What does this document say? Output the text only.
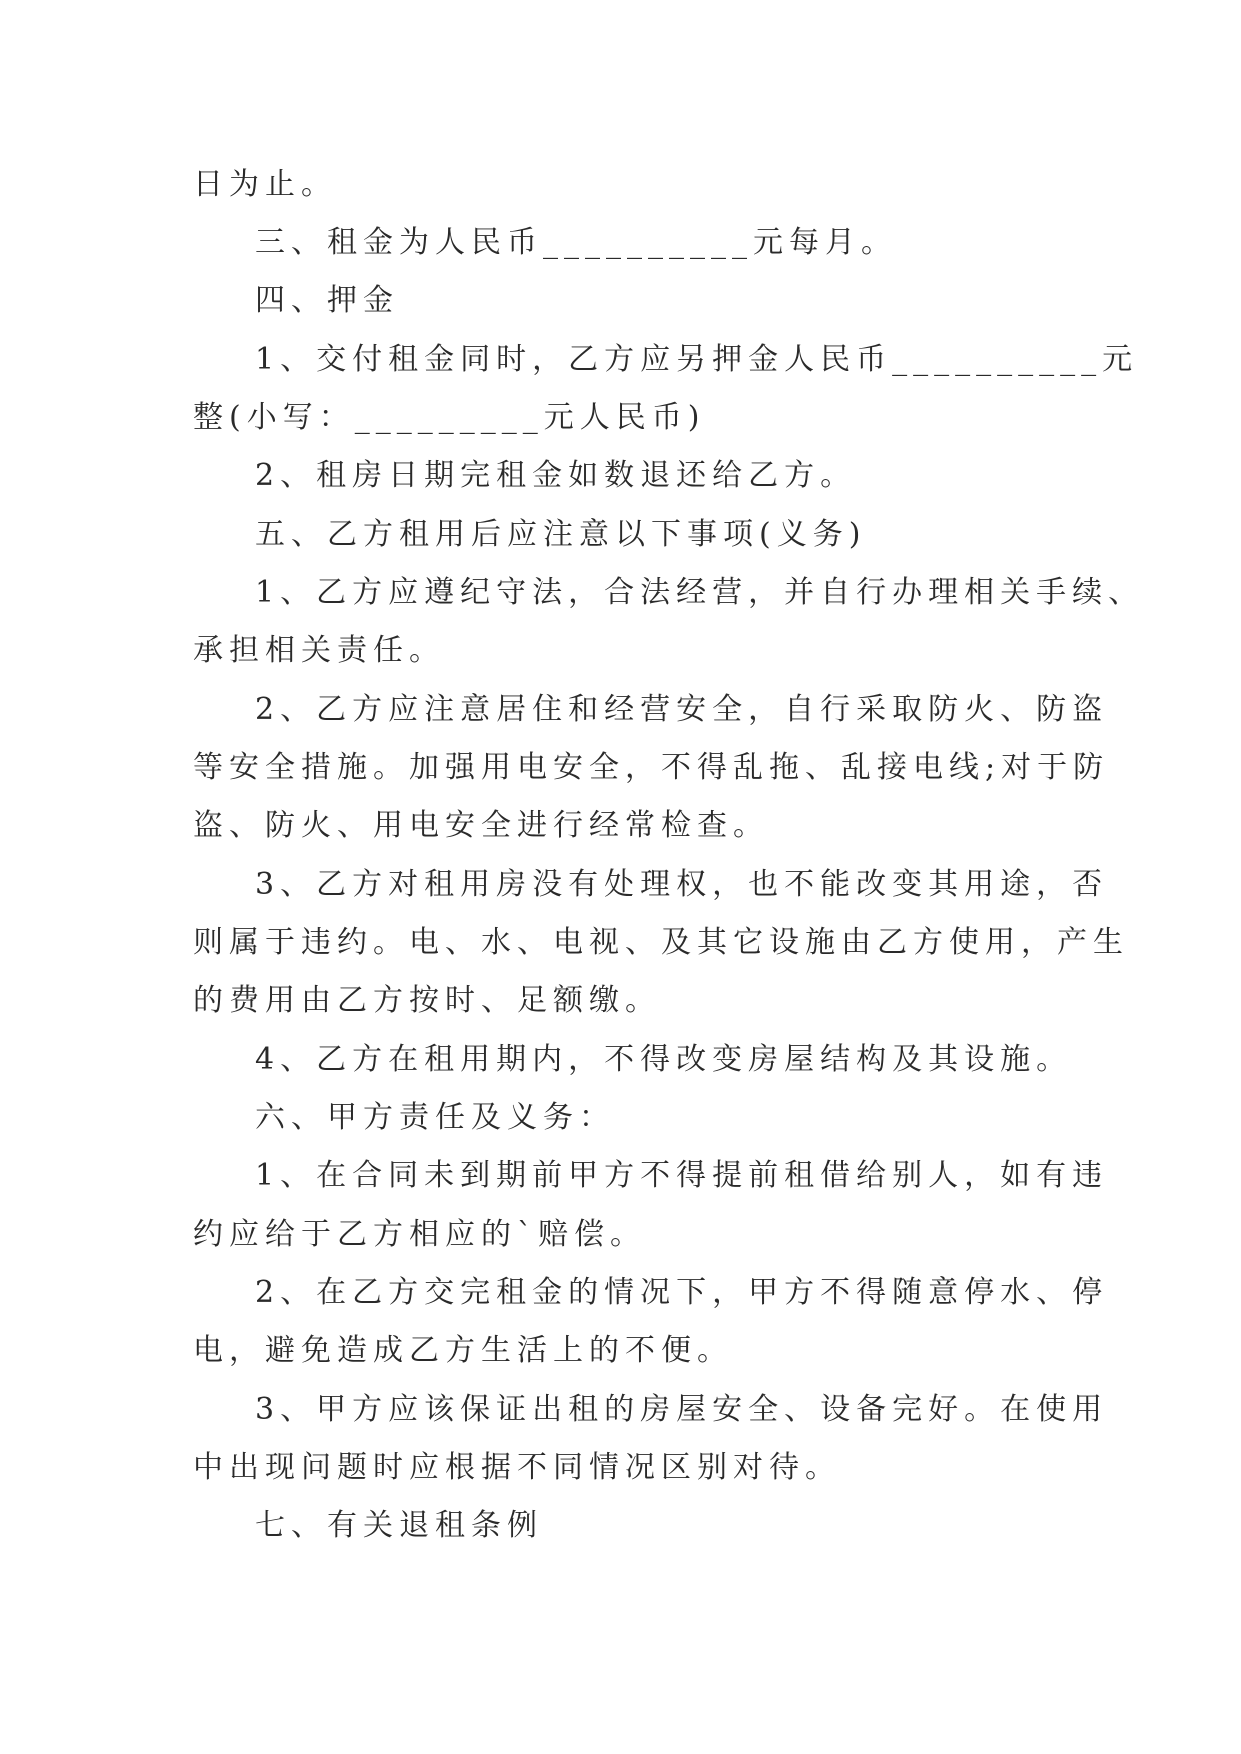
日为止。
三、租金为人民币__________元每月。
四、押金
1、交付租金同时，乙方应另押金人民币__________元
整(小写：_________元人民币)
2、租房日期完租金如数退还给乙方。
五、乙方租用后应注意以下事项(义务)
1、乙方应遵纪守法，合法经营，并自行办理相关手续、
承担相关责任。
2、乙方应注意居住和经营安全，自行采取防火、防盗
等安全措施。加强用电安全，不得乱拖、乱接电线;对于防
盗、防火、用电安全进行经常检查。
3、乙方对租用房没有处理权，也不能改变其用途，否
则属于违约。电、水、电视、及其它设施由乙方使用，产生
的费用由乙方按时、足额缴。
4、乙方在租用期内，不得改变房屋结构及其设施。
六、甲方责任及义务：
1、在合同未到期前甲方不得提前租借给别人，如有违
约应给于乙方相应的`赔偿。
2、在乙方交完租金的情况下，甲方不得随意停水、停
电，避免造成乙方生活上的不便。
3、甲方应该保证出租的房屋安全、设备完好。在使用
中出现问题时应根据不同情况区别对待。
七、有关退租条例
